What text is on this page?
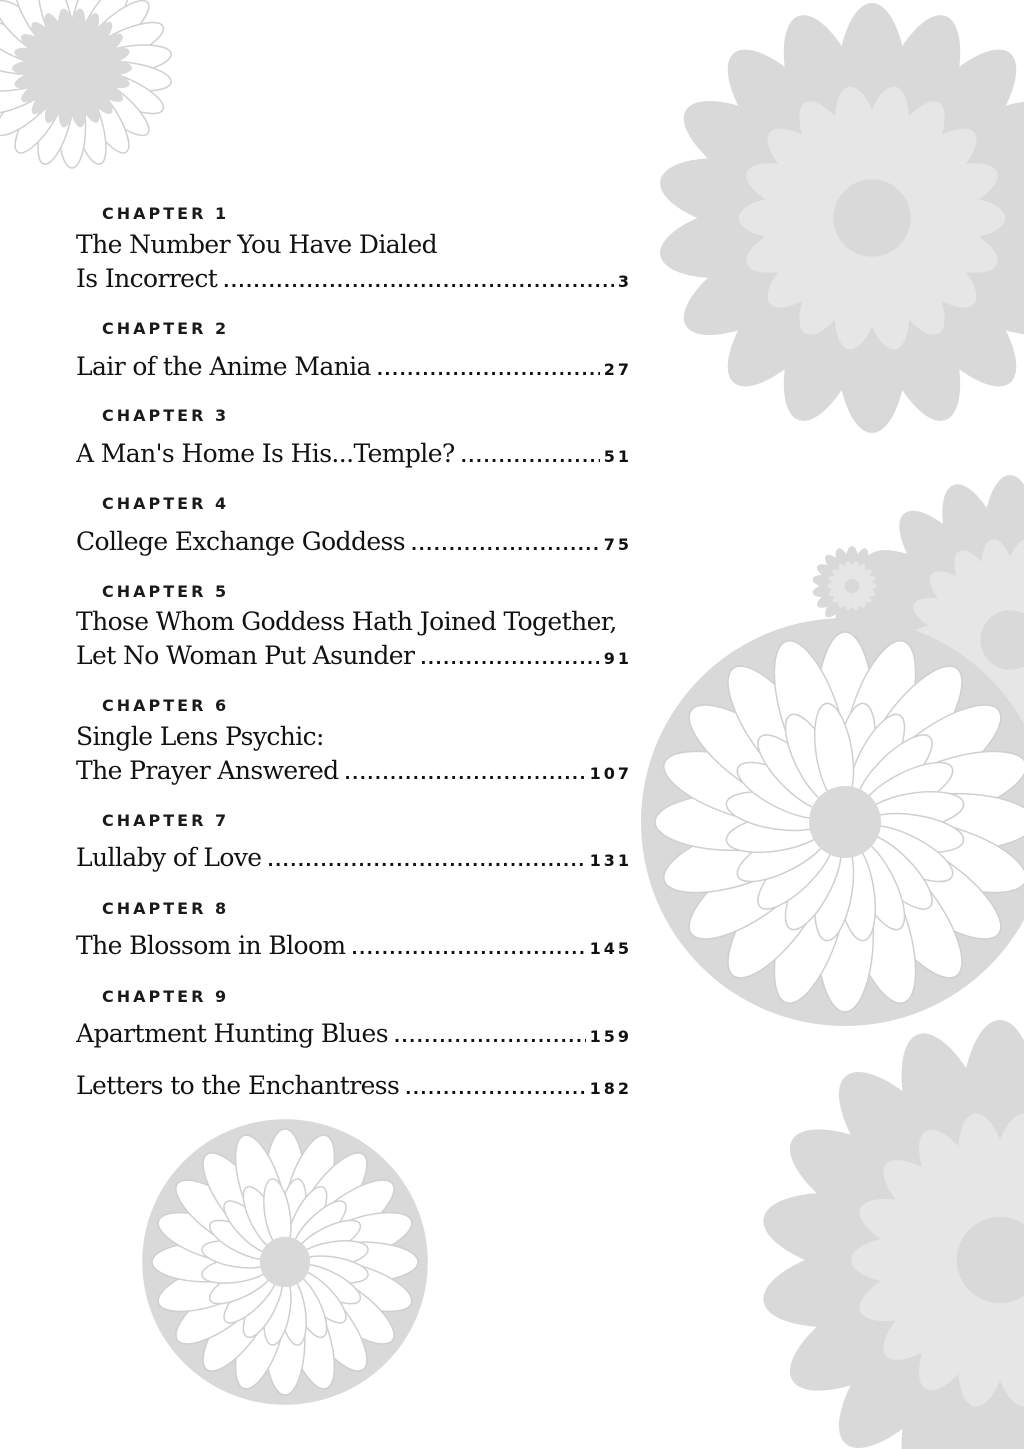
CHAPTER 1
The Number You Have Dialed
Is Incorrect .....	3
CHAPTER 2
Lair of the Anime Mania .....	27
CHAPTER 3
A Man's Home Is His...Temple? .....	51
CHAPTER 4
College Exchange Goddess .....	75
CHAPTER 5
Those Whom Goddess Hath Joined Together,
Let No Woman Put Asunder .....	91
CHAPTER 6
Single Lens Psychic:
The Prayer Answered .....	107
CHAPTER 7
Lullaby of Love .....	131
CHAPTER 8
The Blossom in Bloom .....	145
CHAPTER 9
Apartment Hunting Blues .....	159
Letters to the Enchantress .....	182
